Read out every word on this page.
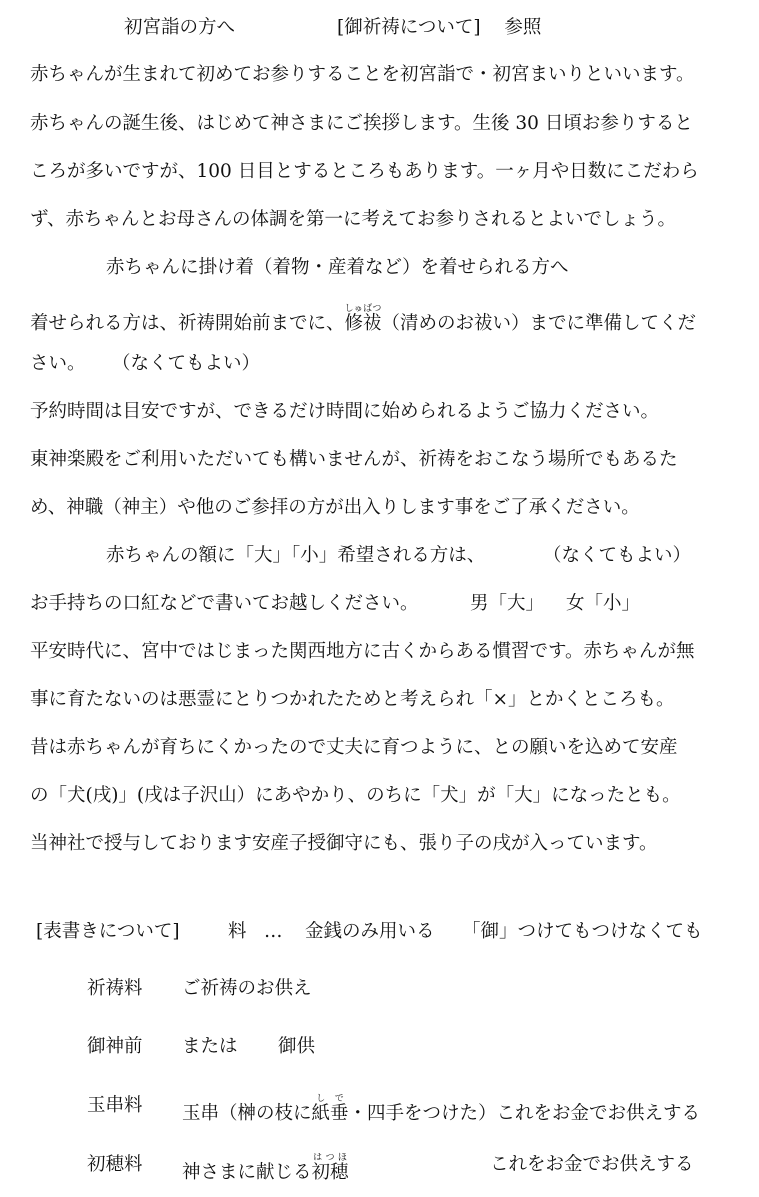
初宮詣の方へ	[御祈祷について] 参照
赤ちゃんが生まれて初めてお参りすることを初宮詣で・初宮まいりといいます。
赤ちゃんの誕生後、はじめて神さまにご挨拶します。生後 30 日頃お参りすると
ころが多いですが、100 日目とするところもあります。一ヶ月や日数にこだわら
ず、赤ちゃんとお母さんの体調を第一に考えてお参りされるとよいでしょう。
赤ちゃんに掛け着（着物・産着など）を着せられる方へ
着せられる方は、祈祷開始前までに、修祓しゅばつ（清めのお祓い）までに準備してくだ
さい。 （なくてもよい）
予約時間は目安ですが、できるだけ時間に始められるようご協力ください。
東神楽殿をご利用いただいても構いませんが、祈祷をおこなう場所でもあるた
め、神職（神主）や他のご参拝の方が出入りします事をご了承ください。
赤ちゃんの額に「大」「小」希望される方は、	（なくてもよい）
お手持ちの口紅などで書いてお越しください。	男「大」 女「小」
平安時代に、宮中ではじまった関西地方に古くからある慣習です。赤ちゃんが無
事に育たないのは悪霊にとりつかれたためと考えられ「×」とかくところも。
昔は赤ちゃんが育ちにくかったので丈夫に育つように、との願いを込めて安産
の「犬(戌)」(戌は子沢山）にあやかり、のちに「犬」が「大」になったとも。
当神社で授与しております安産子授御守にも、張り子の戌が入っています。
[表書きについて]	料 … 金銭のみ用いる 「御」つけてもつけなくても
祈祷料 ご祈祷のお供え
御神前 または 御供
玉串料 玉串（榊の枝に紙垂しで・四手をつけた）これをお金でお供えする
初穂料 神さまに献じる初穂はつほ	これをお金でお供えする
